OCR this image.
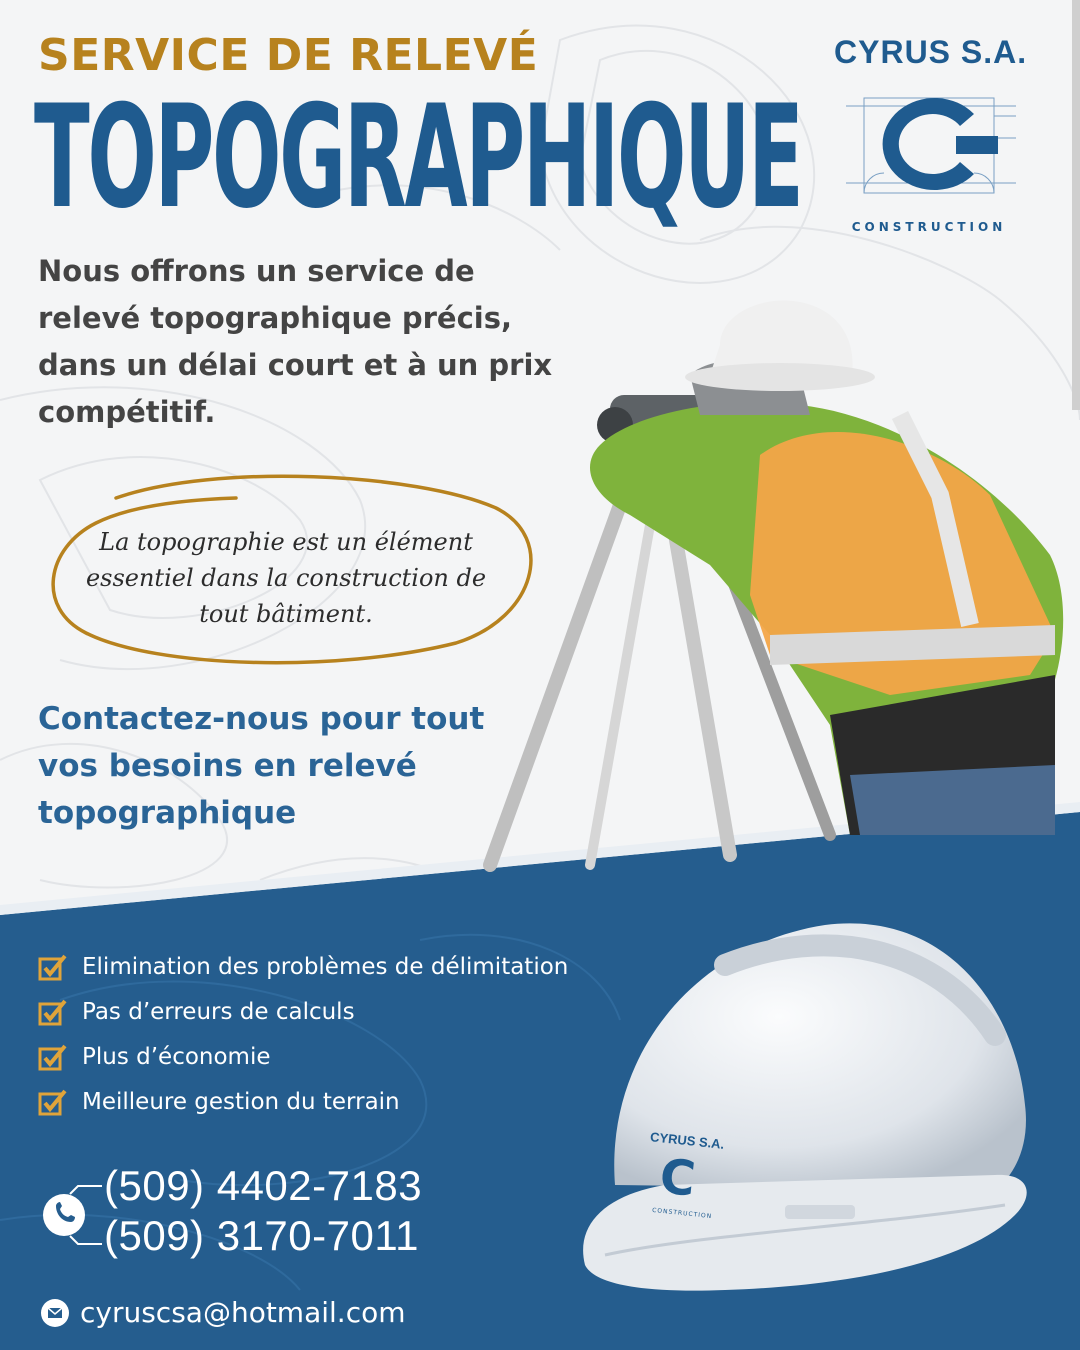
SERVICE DE RELEVÉ
TOPOGRAPHIQUE
CYRUS S.A.
CONSTRUCTION
Nous offrons un service de relevé topographique précis, dans un délai court et à un prix compétitif.
La topographie est un élément essentiel dans la construction de tout bâtiment.
Contactez-nous pour tout vos besoins en relevé topographique
Elimination des problèmes de délimitation
Pas d’erreurs de calculs
Plus d’économie
Meilleure gestion du terrain
(509) 4402-7183
(509) 3170-7011
cyruscsa@hotmail.com
CYRUS S.A.
C
CONSTRUCTION
